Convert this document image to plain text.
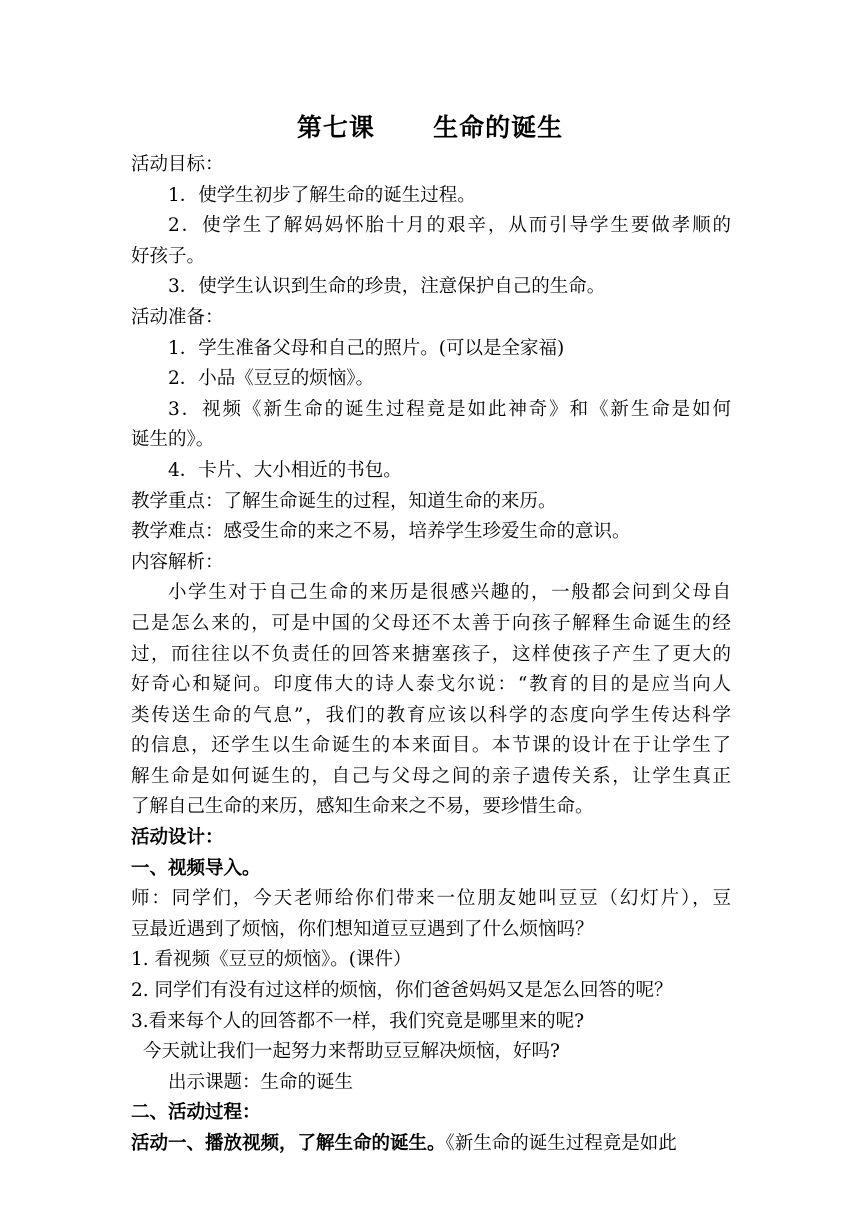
第七课      生命的诞生
活动目标：
1．使学生初步了解生命的诞生过程。
2．使学生了解妈妈怀胎十月的艰辛，从而引导学生要做孝顺的
好孩子。
3．使学生认识到生命的珍贵，注意保护自己的生命。
活动准备：
1．学生准备父母和自己的照片。(可以是全家福)
2．小品《豆豆的烦恼》。
3．视频《新生命的诞生过程竟是如此神奇》和《新生命是如何
诞生的》。
4．卡片、大小相近的书包。
教学重点：了解生命诞生的过程，知道生命的来历。
教学难点：感受生命的来之不易，培养学生珍爱生命的意识。
内容解析：
小学生对于自己生命的来历是很感兴趣的，一般都会问到父母自
己是怎么来的，可是中国的父母还不太善于向孩子解释生命诞生的经
过，而往往以不负责任的回答来搪塞孩子，这样使孩子产生了更大的
好奇心和疑问。印度伟大的诗人泰戈尔说：“教育的目的是应当向人
类传送生命的气息”，我们的教育应该以科学的态度向学生传达科学
的信息，还学生以生命诞生的本来面目。本节课的设计在于让学生了
解生命是如何诞生的，自己与父母之间的亲子遗传关系，让学生真正
了解自己生命的来历，感知生命来之不易，要珍惜生命。
活动设计：
一、视频导入。
师：同学们，今天老师给你们带来一位朋友她叫豆豆（幻灯片），豆
豆最近遇到了烦恼，你们想知道豆豆遇到了什么烦恼吗？
1. 看视频《豆豆的烦恼》。(课件）
2. 同学们有没有过这样的烦恼，你们爸爸妈妈又是怎么回答的呢？
3.看来每个人的回答都不一样，我们究竟是哪里来的呢?
今天就让我们一起努力来帮助豆豆解决烦恼，好吗?
出示课题：生命的诞生
二、活动过程：
活动一、播放视频，了解生命的诞生。《新生命的诞生过程竟是如此
